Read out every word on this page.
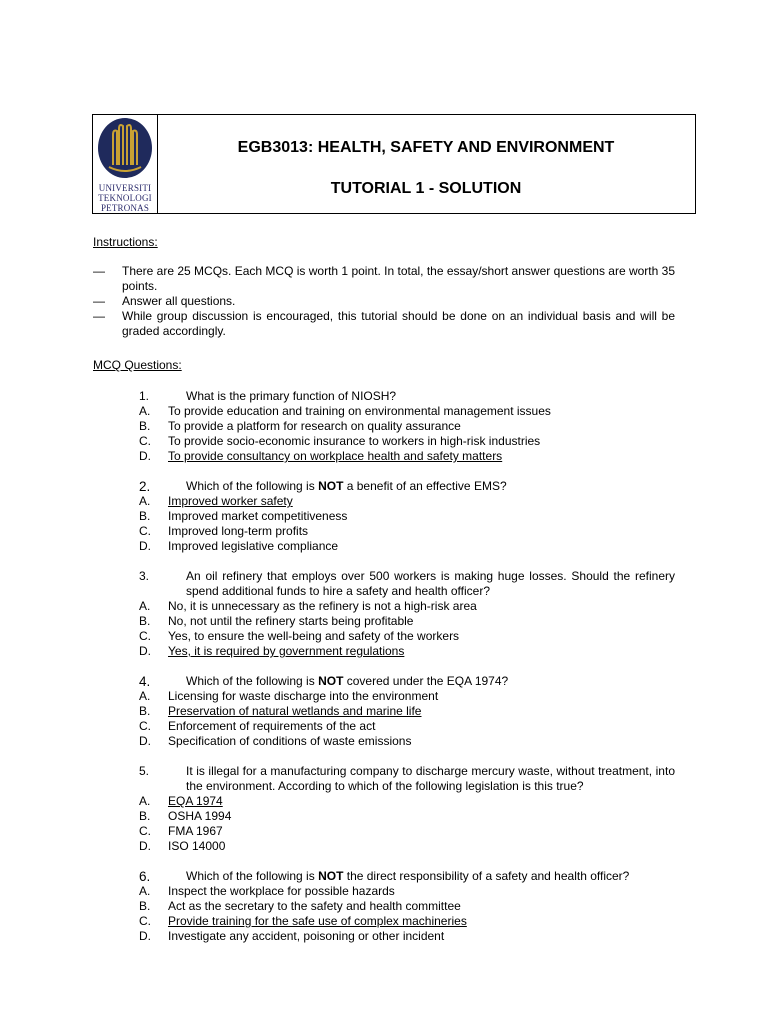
UNIVERSITI
TEKNOLOGI
PETRONAS
EGB3013: HEALTH, SAFETY AND ENVIRONMENT
TUTORIAL 1 - SOLUTION
Instructions:
— There are 25 MCQs. Each MCQ is worth 1 point. In total, the essay/short answer questions are worth 35 points.
— Answer all questions.
— While group discussion is encouraged, this tutorial should be done on an individual basis and will be graded accordingly.
MCQ Questions:
1.	What is the primary function of NIOSH?
A. To provide education and training on environmental management issues
B. To provide a platform for research on quality assurance
C. To provide socio-economic insurance to workers in high-risk industries
D. To provide consultancy on workplace health and safety matters
2.	Which of the following is NOT a benefit of an effective EMS?
A. Improved worker safety
B. Improved market competitiveness
C. Improved long-term profits
D. Improved legislative compliance
3.	An oil refinery that employs over 500 workers is making huge losses. Should the refinery spend additional funds to hire a safety and health officer?
A. No, it is unnecessary as the refinery is not a high-risk area
B. No, not until the refinery starts being profitable
C. Yes, to ensure the well-being and safety of the workers
D. Yes, it is required by government regulations
4.	Which of the following is NOT covered under the EQA 1974?
A. Licensing for waste discharge into the environment
B. Preservation of natural wetlands and marine life
C. Enforcement of requirements of the act
D. Specification of conditions of waste emissions
5.	It is illegal for a manufacturing company to discharge mercury waste, without treatment, into the environment. According to which of the following legislation is this true?
A. EQA 1974
B. OSHA 1994
C. FMA 1967
D. ISO 14000
6.	Which of the following is NOT the direct responsibility of a safety and health officer?
A. Inspect the workplace for possible hazards
B. Act as the secretary to the safety and health committee
C. Provide training for the safe use of complex machineries
D. Investigate any accident, poisoning or other incident
